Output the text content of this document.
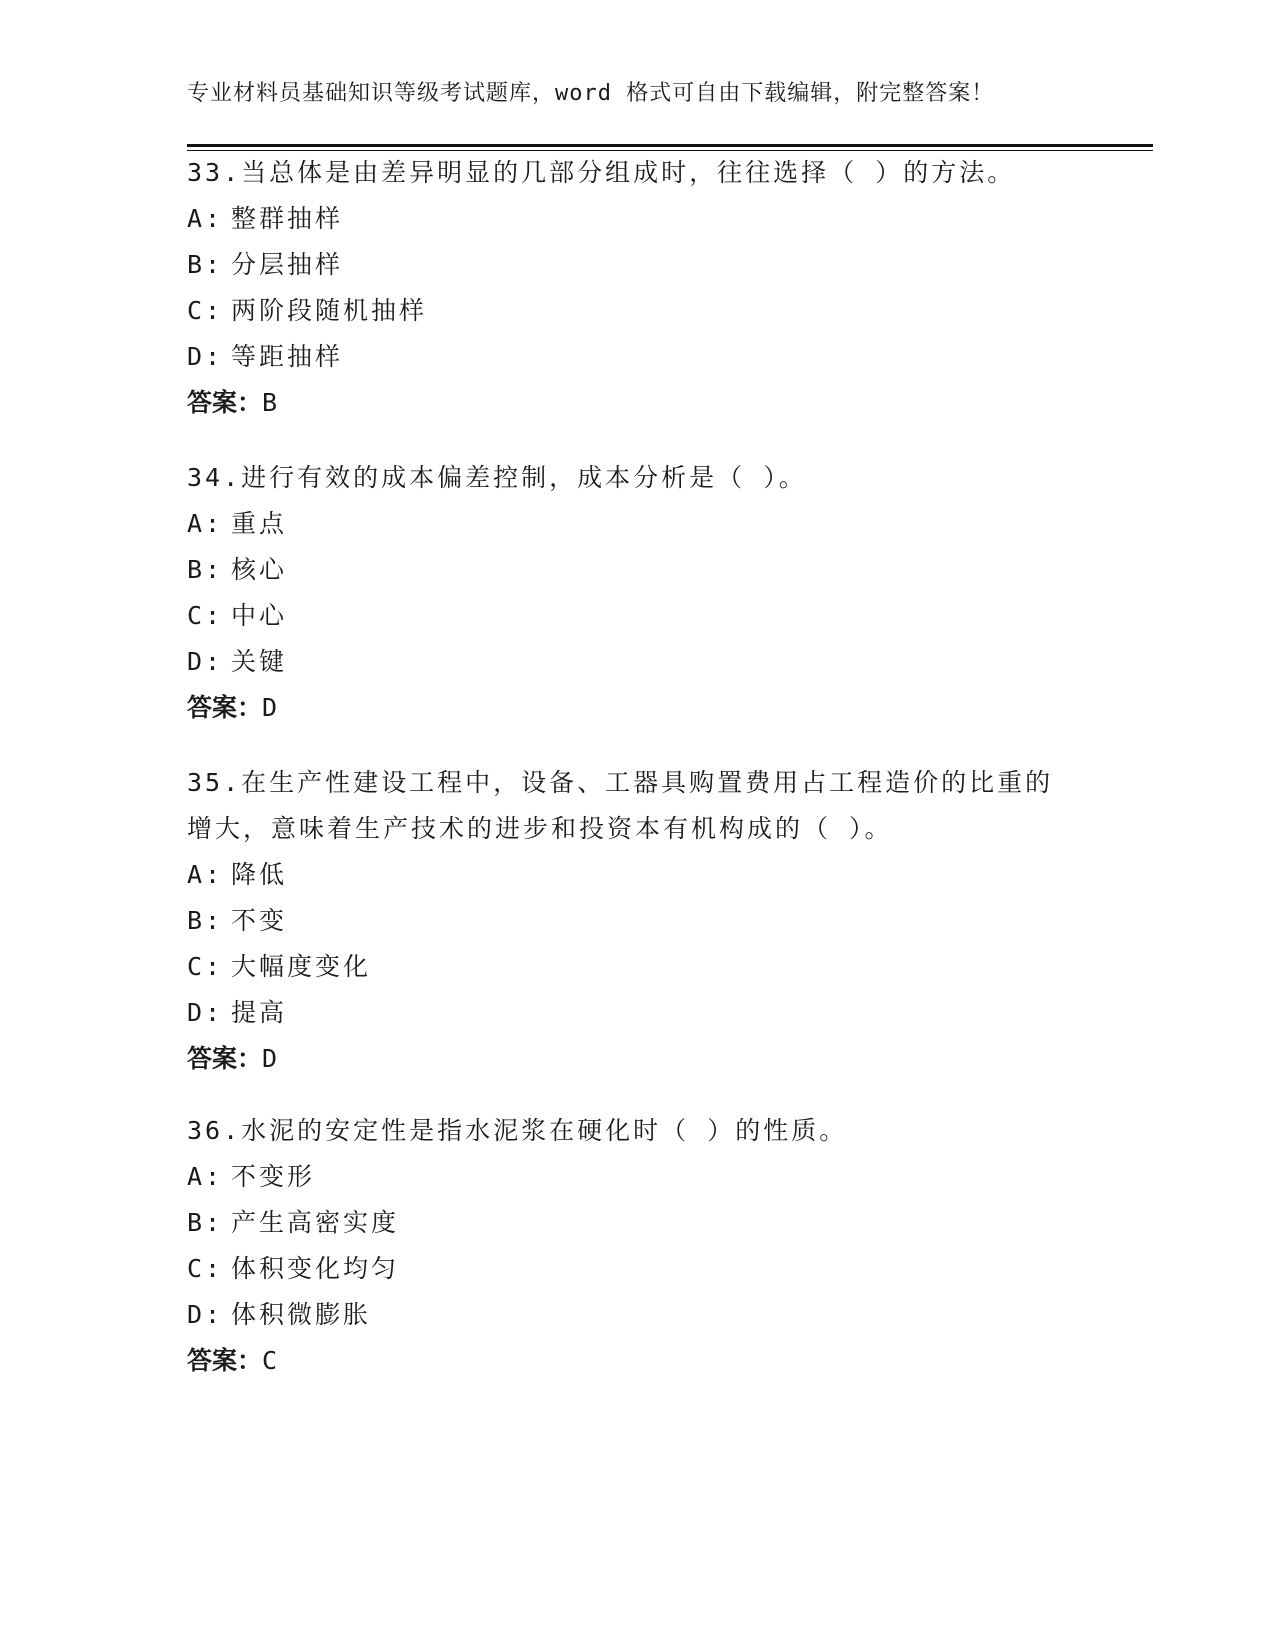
专业材料员基础知识等级考试题库，word 格式可自由下载编辑，附完整答案！
33.当总体是由差异明显的几部分组成时，往往选择（ ）的方法。
A: 整群抽样
B: 分层抽样
C: 两阶段随机抽样
D: 等距抽样
答案：B
34.进行有效的成本偏差控制，成本分析是（ ）。
A: 重点
B: 核心
C: 中心
D: 关键
答案：D
35.在生产性建设工程中，设备、工器具购置费用占工程造价的比重的
增大，意味着生产技术的进步和投资本有机构成的（ ）。
A: 降低
B: 不变
C: 大幅度变化
D: 提高
答案：D
36.水泥的安定性是指水泥浆在硬化时（ ）的性质。
A: 不变形
B: 产生高密实度
C: 体积变化均匀
D: 体积微膨胀
答案：C
